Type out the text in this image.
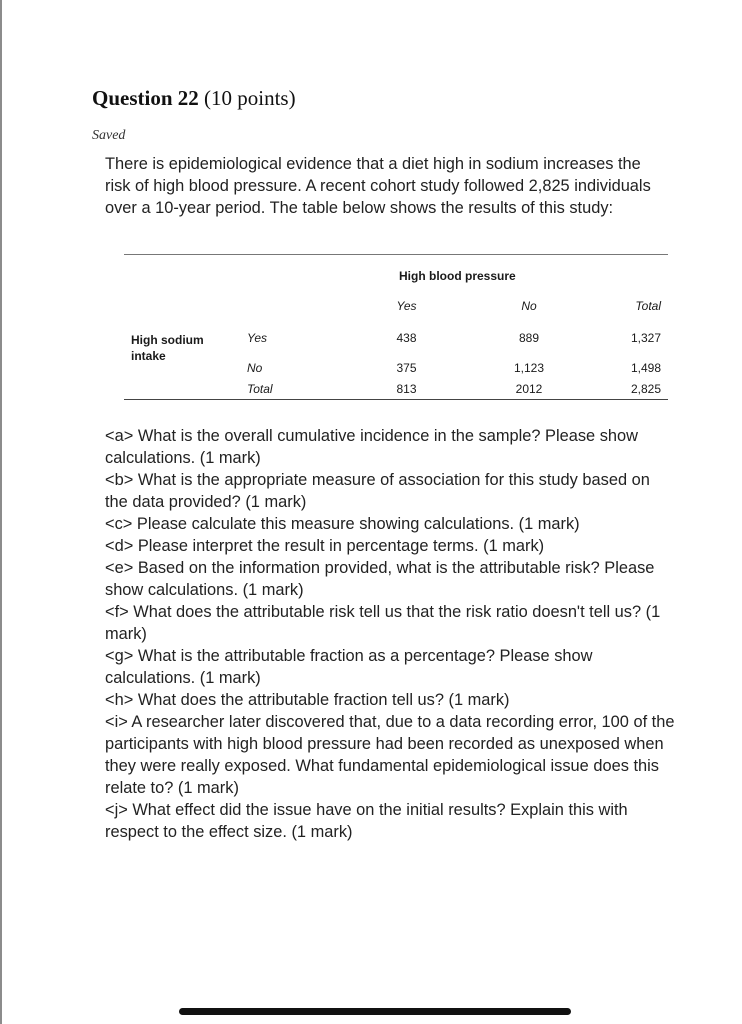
Question 22 (10 points)
Saved
There is epidemiological evidence that a diet high in sodium increases the risk of high blood pressure. A recent cohort study followed 2,825 individuals over a 10-year period. The table below shows the results of this study:
High blood pressure
Yes	No	Total
High sodium intake
Yes	438	889	1,327
No	375	1,123	1,498
Total	813	2012	2,825

<a> What is the overall cumulative incidence in the sample? Please show calculations. (1 mark)

<b> What is the appropriate measure of association for this study based on the data provided? (1 mark)

<c> Please calculate this measure showing calculations. (1 mark)

<d> Please interpret the result in percentage terms. (1 mark)

<e> Based on the information provided, what is the attributable risk? Please show calculations. (1 mark)

<f> What does the attributable risk tell us that the risk ratio doesn't tell us? (1 mark)

<g> What is the attributable fraction as a percentage? Please show calculations. (1 mark)

<h> What does the attributable fraction tell us? (1 mark)

<i> A researcher later discovered that, due to a data recording error, 100 of the participants with high blood pressure had been recorded as unexposed when they were really exposed. What fundamental epidemiological issue does this relate to? (1 mark)

<j> What effect did the issue have on the initial results? Explain this with respect to the effect size. (1 mark)
